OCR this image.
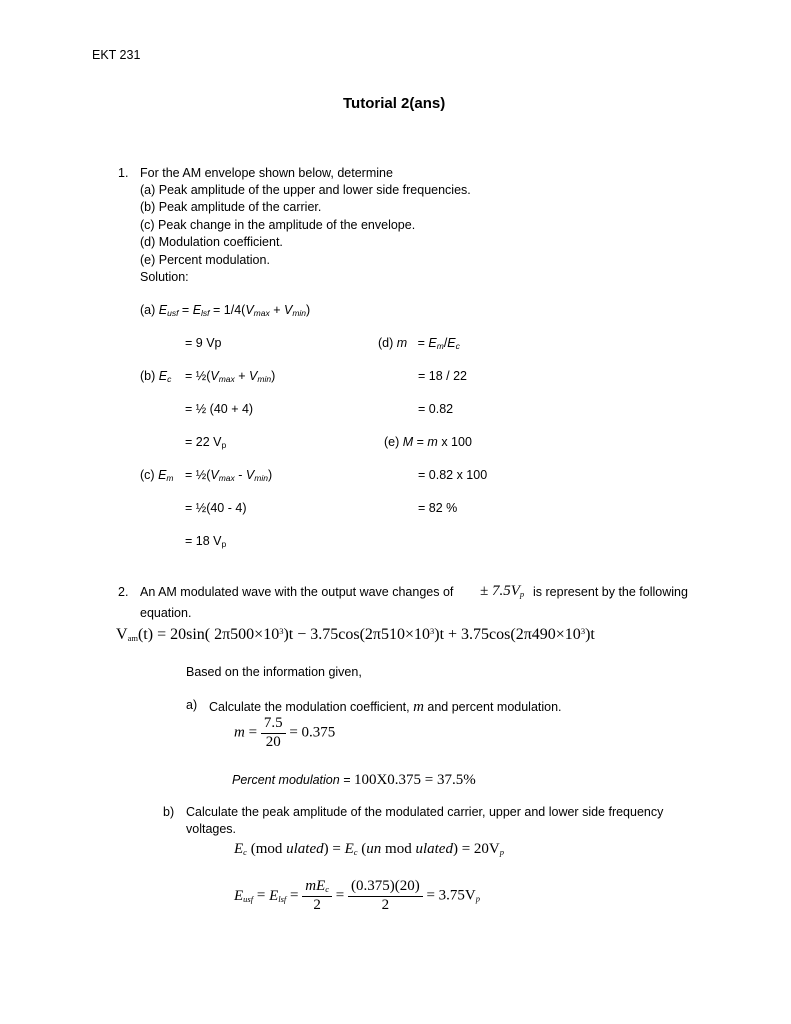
EKT 231
Tutorial 2(ans)
1. For the AM envelope shown below, determine
(a) Peak amplitude of the upper and lower side frequencies.
(b) Peak amplitude of the carrier.
(c) Peak change in the amplitude of the envelope.
(d) Modulation coefficient.
(e) Percent modulation.
Solution:
(a) $E_{usf} = E_{lsf} = 1/4(V_{max} + V_{min})$
= 9 Vp
(b) $E_c$ = $\frac{1}{2}(V_{max} + V_{min})$
= ½ (40 + 4)
= 22 $V_p$
(c) $E_m$ = $\frac{1}{2}(V_{max} - V_{min})$
= ½(40 - 4)
= 18 $V_p$
(d) $m = E_m/E_c$
= 18 / 22
= 0.82
(e) M = m x 100
= 0.82 x 100
= 82 %
2. An AM modulated wave with the output wave changes of ± $7.5V_p$ is represent by the following
equation.
$V_{am}(t) = 20\sin$( $2\pi 500\times 10^3)t - 3.75\cos(2\pi 510\times 10^3)t + 3.75\cos(2\pi 490\times 10^3)t$
Based on the information given,
a) Calculate the modulation coefficient, m and percent modulation.
$m = \frac{7.5}{20} = 0.375$
Percent modulation = 100X0.375 = 37.5%
b) Calculate the peak amplitude of the modulated carrier, upper and lower side frequency
voltages.
$E_c$ (mod ulated) = $E_c$ (un mod ulated) = $20V_p$
$E_{usf} = E_{lsf} = \frac{mE_c}{2} = \frac{(0.375)(20)}{2} = 3.75V_p$
